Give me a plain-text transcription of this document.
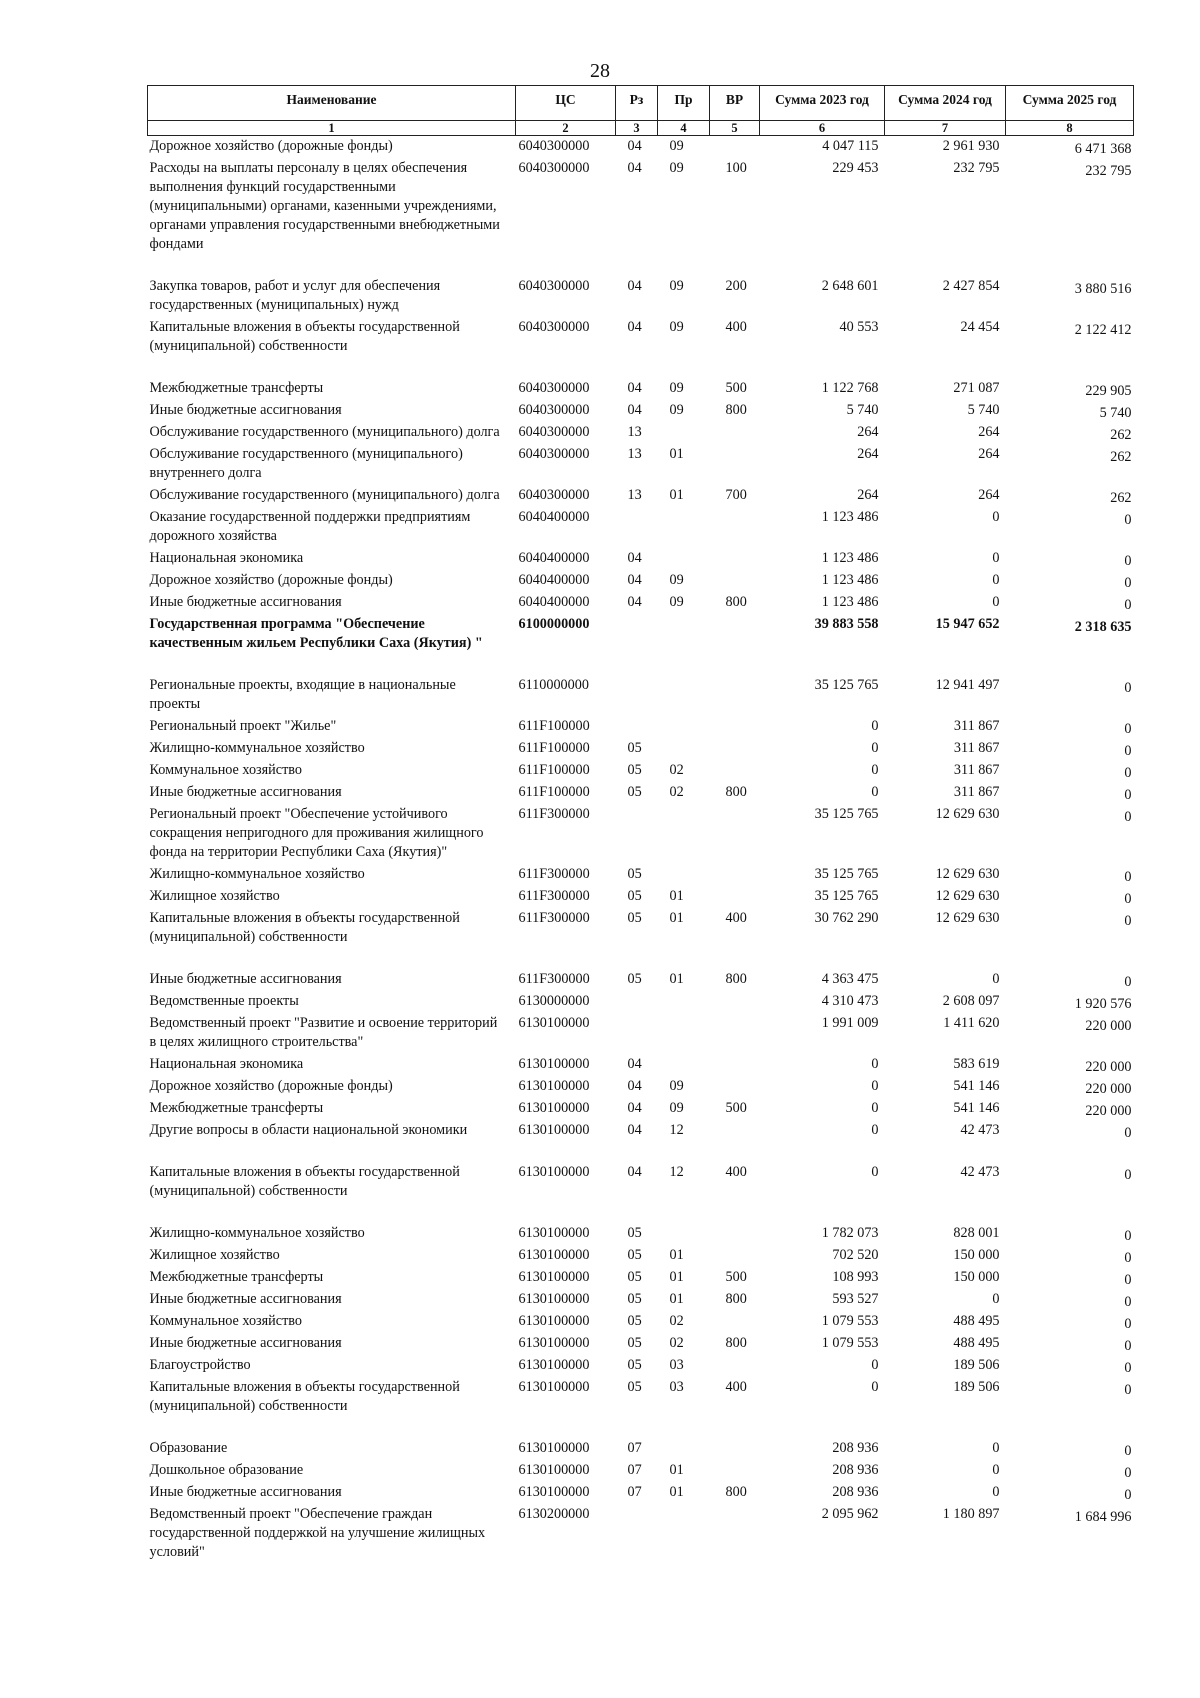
28
Наименование	ЦС	Рз	Пр	ВР	Сумма 2023 год	Сумма 2024 год	Сумма 2025 год
1	2	3	4	5	6	7	8
Дорожное хозяйство (дорожные фонды)	6040300000	04	09		4 047 115	2 961 930	6 471 368
Расходы на выплаты персоналу в целях обеспечения выполнения функций государственными (муниципальными) органами, казенными учреждениями, органами управления государственными внебюджетными фондами	6040300000	04	09	100	229 453	232 795	232 795
Закупка товаров, работ и услуг для обеспечения государственных (муниципальных) нужд	6040300000	04	09	200	2 648 601	2 427 854	3 880 516
Капитальные вложения в объекты государственной (муниципальной) собственности	6040300000	04	09	400	40 553	24 454	2 122 412
Межбюджетные трансферты	6040300000	04	09	500	1 122 768	271 087	229 905
Иные бюджетные ассигнования	6040300000	04	09	800	5 740	5 740	5 740
Обслуживание государственного (муниципального) долга	6040300000	13			264	264	262
Обслуживание государственного (муниципального) внутреннего долга	6040300000	13	01		264	264	262
Обслуживание государственного (муниципального) долга	6040300000	13	01	700	264	264	262
Оказание государственной поддержки предприятиям дорожного хозяйства	6040400000				1 123 486	0	0
Национальная экономика	6040400000	04			1 123 486	0	0
Дорожное хозяйство (дорожные фонды)	6040400000	04	09		1 123 486	0	0
Иные бюджетные ассигнования	6040400000	04	09	800	1 123 486	0	0
Государственная программа "Обеспечение качественным жильем Республики Саха (Якутия) "	6100000000				39 883 558	15 947 652	2 318 635
Региональные проекты, входящие в национальные проекты	6110000000				35 125 765	12 941 497	0
Региональный проект "Жилье"	611F100000				0	311 867	0
Жилищно-коммунальное хозяйство	611F100000	05			0	311 867	0
Коммунальное хозяйство	611F100000	05	02		0	311 867	0
Иные бюджетные ассигнования	611F100000	05	02	800	0	311 867	0
Региональный проект "Обеспечение устойчивого сокращения непригодного для проживания жилищного фонда на территории Республики Саха (Якутия)"	611F300000				35 125 765	12 629 630	0
Жилищно-коммунальное хозяйство	611F300000	05			35 125 765	12 629 630	0
Жилищное хозяйство	611F300000	05	01		35 125 765	12 629 630	0
Капитальные вложения в объекты государственной (муниципальной) собственности	611F300000	05	01	400	30 762 290	12 629 630	0
Иные бюджетные ассигнования	611F300000	05	01	800	4 363 475	0	0
Ведомственные проекты	6130000000				4 310 473	2 608 097	1 920 576
Ведомственный проект "Развитие и освоение территорий в целях жилищного строительства"	6130100000				1 991 009	1 411 620	220 000
Национальная экономика	6130100000	04			0	583 619	220 000
Дорожное хозяйство (дорожные фонды)	6130100000	04	09		0	541 146	220 000
Межбюджетные трансферты	6130100000	04	09	500	0	541 146	220 000
Другие вопросы в области национальной экономики	6130100000	04	12		0	42 473	0
Капитальные вложения в объекты государственной (муниципальной) собственности	6130100000	04	12	400	0	42 473	0
Жилищно-коммунальное хозяйство	6130100000	05			1 782 073	828 001	0
Жилищное хозяйство	6130100000	05	01		702 520	150 000	0
Межбюджетные трансферты	6130100000	05	01	500	108 993	150 000	0
Иные бюджетные ассигнования	6130100000	05	01	800	593 527	0	0
Коммунальное хозяйство	6130100000	05	02		1 079 553	488 495	0
Иные бюджетные ассигнования	6130100000	05	02	800	1 079 553	488 495	0
Благоустройство	6130100000	05	03		0	189 506	0
Капитальные вложения в объекты государственной (муниципальной) собственности	6130100000	05	03	400	0	189 506	0
Образование	6130100000	07			208 936	0	0
Дошкольное образование	6130100000	07	01		208 936	0	0
Иные бюджетные ассигнования	6130100000	07	01	800	208 936	0	0
Ведомственный проект "Обеспечение граждан государственной поддержкой на улучшение жилищных условий"	6130200000				2 095 962	1 180 897	1 684 996
